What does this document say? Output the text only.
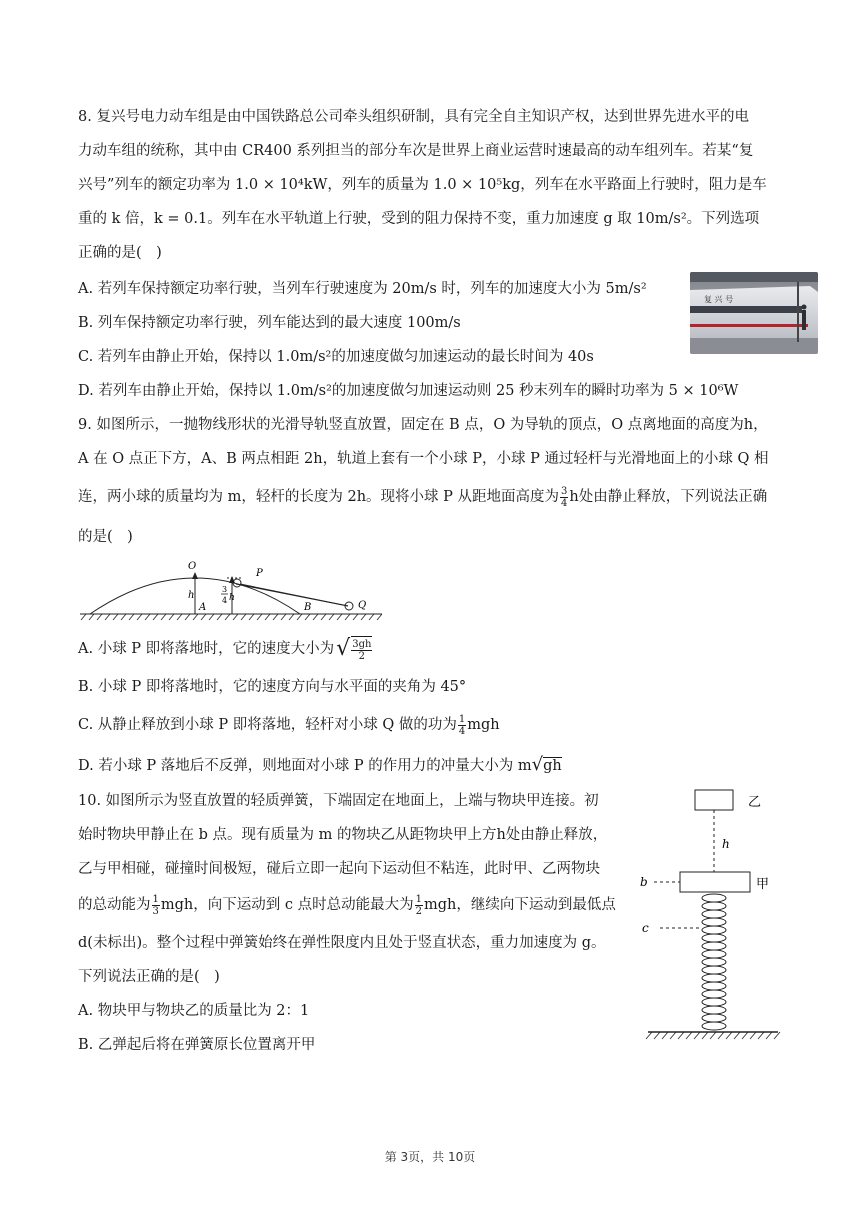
8. 复兴号电力动车组是由中国铁路总公司牵头组织研制，具有完全自主知识产权，达到世界先进水平的电
力动车组的统称，其中由 CR400 系列担当的部分车次是世界上商业运营时速最高的动车组列车。若某“复
兴号”列车的额定功率为 1.0 × 10⁴kW，列车的质量为 1.0 × 10⁵kg，列车在水平路面上行驶时，阻力是车
重的 k 倍，k = 0.1。列车在水平轨道上行驶，受到的阻力保持不变，重力加速度 g 取 10m/s²。下列选项
正确的是(　)
A. 若列车保持额定功率行驶，当列车行驶速度为 20m/s 时，列车的加速度大小为 5m/s²
B. 列车保持额定功率行驶，列车能达到的最大速度 100m/s
C. 若列车由静止开始，保持以 1.0m/s²的加速度做匀加速运动的最长时间为 40s
D. 若列车由静止开始，保持以 1.0m/s²的加速度做匀加速运动则 25 秒末列车的瞬时功率为 5 × 10⁶W
复 兴 号
9. 如图所示，一抛物线形状的光滑导轨竖直放置，固定在 B 点，O 为导轨的顶点，O 点离地面的高度为h，
A 在 O 点正下方，A、B 两点相距 2h，轨道上套有一个小球 P，小球 P 通过轻杆与光滑地面上的小球 Q 相
连，两小球的质量均为 m，轻杆的长度为 2h。现将小球 P 从距地面高度为 $\frac{3}{4}$ h处由静止释放，下列说法正确
的是(　)
O
P
h
A
3
4 h
B	Q
A. 小球 P 即将落地时，它的速度大小为√ $\frac{3gh}{2}$
B. 小球 P 即将落地时，它的速度方向与水平面的夹角为 45°
C. 从静止释放到小球 P 即将落地，轻杆对小球 Q 做的功为 $\frac{1}{4}$ mgh
D. 若小球 P 落地后不反弹，则地面对小球 P 的作用力的冲量大小为 m√gh
10. 如图所示为竖直放置的轻质弹簧，下端固定在地面上，上端与物块甲连接。初
始时物块甲静止在 b 点。现有质量为 m 的物块乙从距物块甲上方h处由静止释放，
乙与甲相碰，碰撞时间极短，碰后立即一起向下运动但不粘连，此时甲、乙两物块
的总动能为 $\frac{1}{3}$ mgh，向下运动到 c 点时总动能最大为 $\frac{1}{2}$ mgh，继续向下运动到最低点
d(未标出)。整个过程中弹簧始终在弹性限度内且处于竖直状态，重力加速度为 g。
下列说法正确的是(　)
A. 物块甲与物块乙的质量比为 2：1
B. 乙弹起后将在弹簧原长位置离开甲
乙
h
甲
b
c
第 3页，共 10页
